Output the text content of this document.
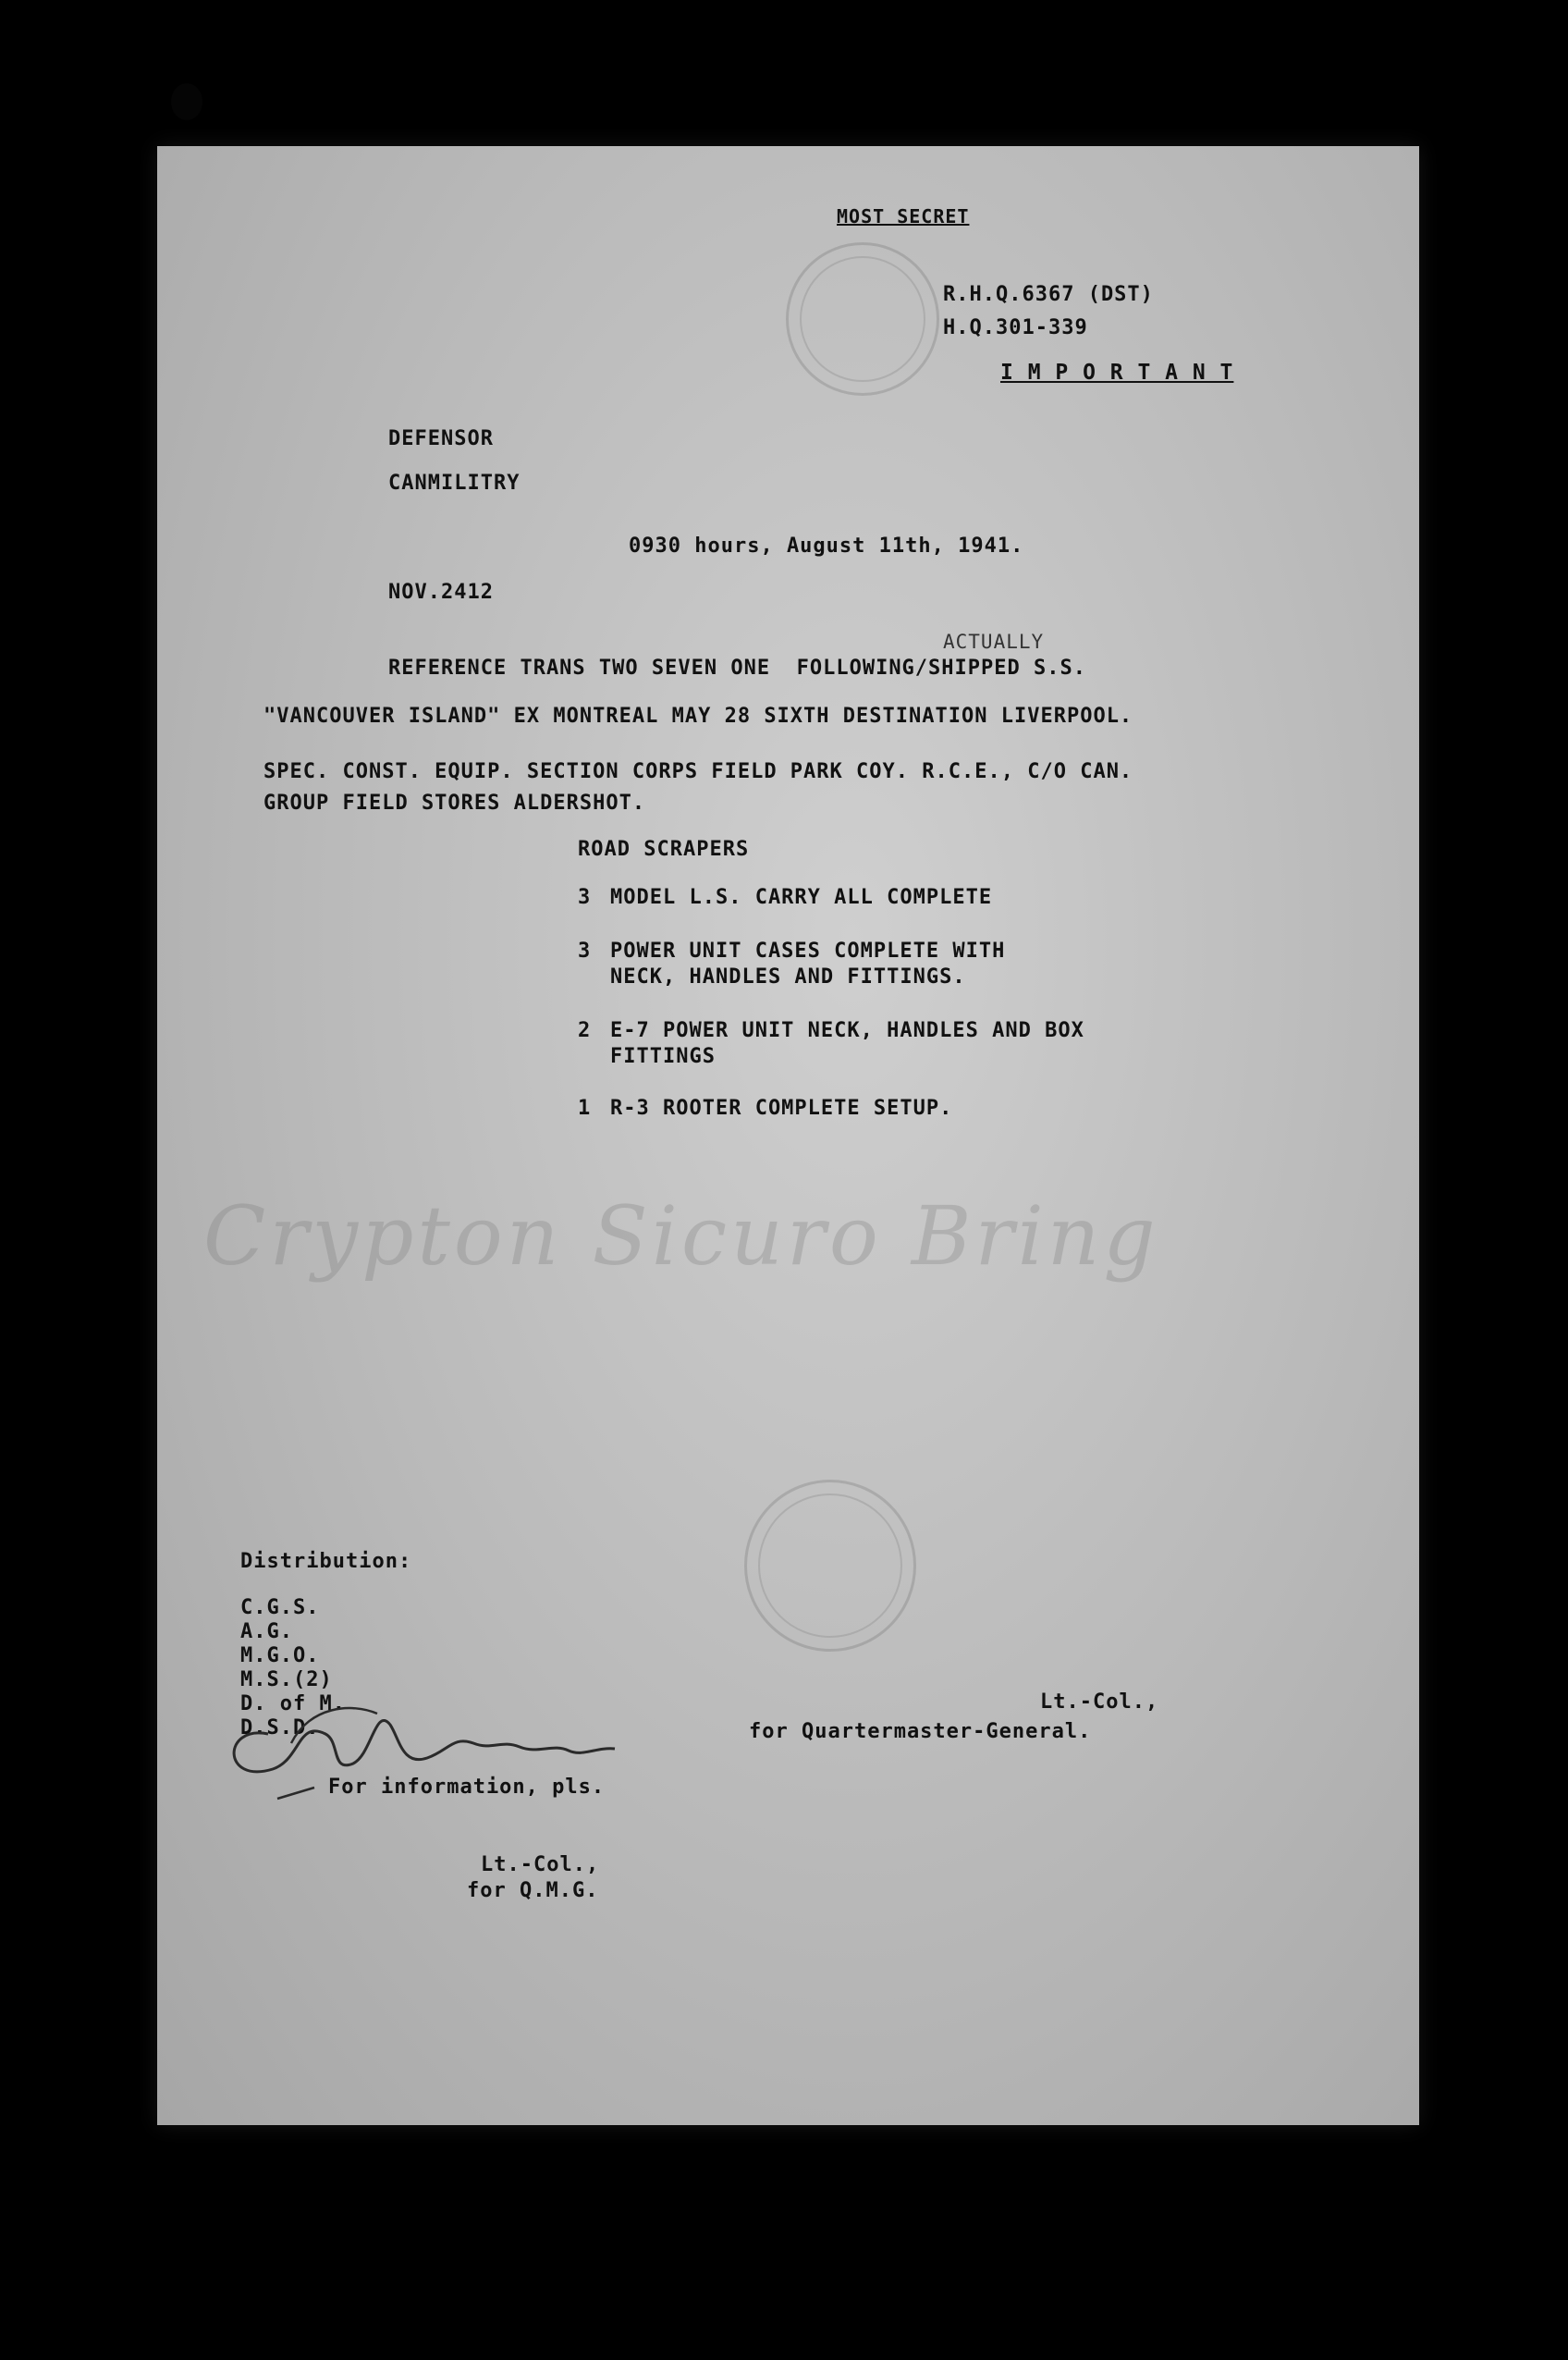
Crypton Sicuro Bring
MOST SECRET
R.H.Q.6367 (DST)
H.Q.301-339
I M P O R T A N T
DEFENSOR
CANMILITRY
0930 hours, August 11th, 1941.
NOV.2412
ACTUALLY
REFERENCE TRANS TWO SEVEN ONE  FOLLOWING/SHIPPED S.S.
"VANCOUVER ISLAND" EX MONTREAL MAY 28 SIXTH DESTINATION LIVERPOOL.
SPEC. CONST. EQUIP. SECTION CORPS FIELD PARK COY. R.C.E., C/O CAN.
GROUP FIELD STORES ALDERSHOT.
ROAD SCRAPERS
3 MODEL L.S. CARRY ALL COMPLETE
3 POWER UNIT CASES COMPLETE WITH
NECK, HANDLES AND FITTINGS.
2 E-7 POWER UNIT NECK, HANDLES AND BOX
FITTINGS
1 R-3 ROOTER COMPLETE SETUP.
Distribution:
C.G.S.
A.G.
M.G.O.
M.S.(2)
D. of M.
D.S.D.
Lt.-Col.,
for Quartermaster-General.
For information, pls.
Lt.-Col.,
for Q.M.G.
